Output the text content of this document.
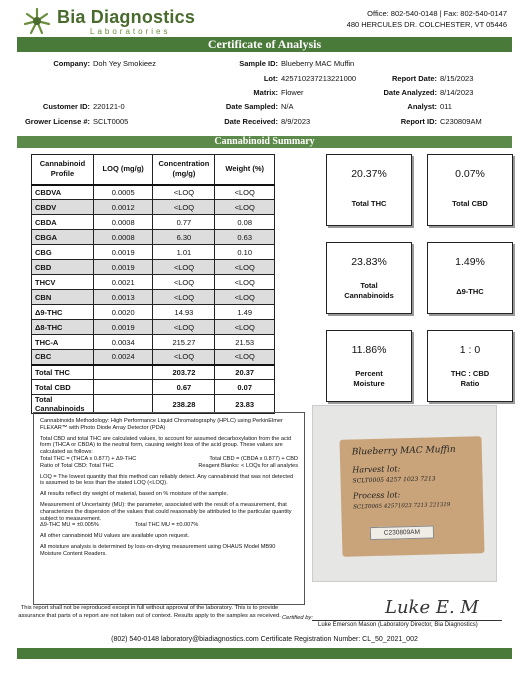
Bia Diagnostics
Laboratories
Office: 802-540-0148 | Fax: 802-540-0147
480 HERCULES DR. COLCHESTER, VT 05446
Certificate of Analysis
Company: Doh Yey Smokieez	Sample ID: Blueberry MAC Muffin
Lot: 425710237213221000	Report Date: 8/15/2023
Matrix: Flower	Date Analyzed: 8/14/2023
Customer ID: 220121-0	Date Sampled: N/A	Analyst: 011
Grower License #: SCLT0005	Date Received: 8/9/2023	Report ID: C230809AM
Cannabinoid Summary
Cannabinoid Profile	LOQ (mg/g)	Concentration (mg/g)	Weight (%)
CBDVA	0.0005	<LOQ	<LOQ
CBDV	0.0012	<LOQ	<LOQ
CBDA	0.0008	0.77	0.08
CBGA	0.0008	6.30	0.63
CBG	0.0019	1.01	0.10
CBD	0.0019	<LOQ	<LOQ
THCV	0.0021	<LOQ	<LOQ
CBN	0.0013	<LOQ	<LOQ
Δ9-THC	0.0020	14.93	1.49
Δ8-THC	0.0019	<LOQ	<LOQ
THC-A	0.0034	215.27	21.53
CBC	0.0024	<LOQ	<LOQ
Total THC		203.72	20.37
Total CBD		0.67	0.07
Total Cannabinoids		238.28	23.83
20.37%
Total THC
0.07%
Total CBD
23.83%
Total
Cannabinoids
1.49%
Δ9-THC
11.86%
Percent
Moisture
1 : 0
THC : CBD
Ratio

Cannabinoids Methodology: High Performance Liquid Chromatography (HPLC) using PerkinElmer FLEXAR™ with Photo Diode Array Detector (PDA)

Total CBD and total THC are calculated values, to account for assumed decarboxylation from the acid form (THCA or CBDA) to the neutral form, causing weight loss of the acid group. These values are calculated as follows:

Total THC = (THCA x 0.877) + Δ9-THC	Total CBD = (CBDA x 0.877) + CBD
Ratio of Total CBD: Total THC	Reagent Blanks: < LOQs for all analytes

LOQ = The lowest quantity that this method can reliably detect. Any cannabinoid that was not detected is assumed to be less than the stated LOQ (<LOQ).

All results reflect dry weight of material, based on % moisture of the sample.

Measurement of Uncertainty (MU): the parameter, associated with the result of a measurement, that characterizes the dispersion of the values that could reasonably be attributed to the particular quantity subject to measurement.

Δ9-THC MU = ±0.005%	Total THC MU = ±0.007%

All other cannabinoid MU values are available upon request.

All moisture analysis is determined by loss-on-drying measurement using OHAUS Model MB90 Moisture Content Readers.

Blueberry MAC Muffin
Harvest lot:
SCLT0005 4257 1023 7213
Process lot:
SCLT0005 42571023 7213 221319
C230809AM
This report shall not be reproduced except in full without approval of the laboratory. This is to provide assurance that parts of a report are not taken out of context. Results apply to the samples as received. Certified by:	Luke E. M
Luke Emerson Mason (Laboratory Director, Bia Diagnostics)
(802) 540-0148 laboratory@biadiagnostics.com Certificate Registration Number: CL_50_2021_002
